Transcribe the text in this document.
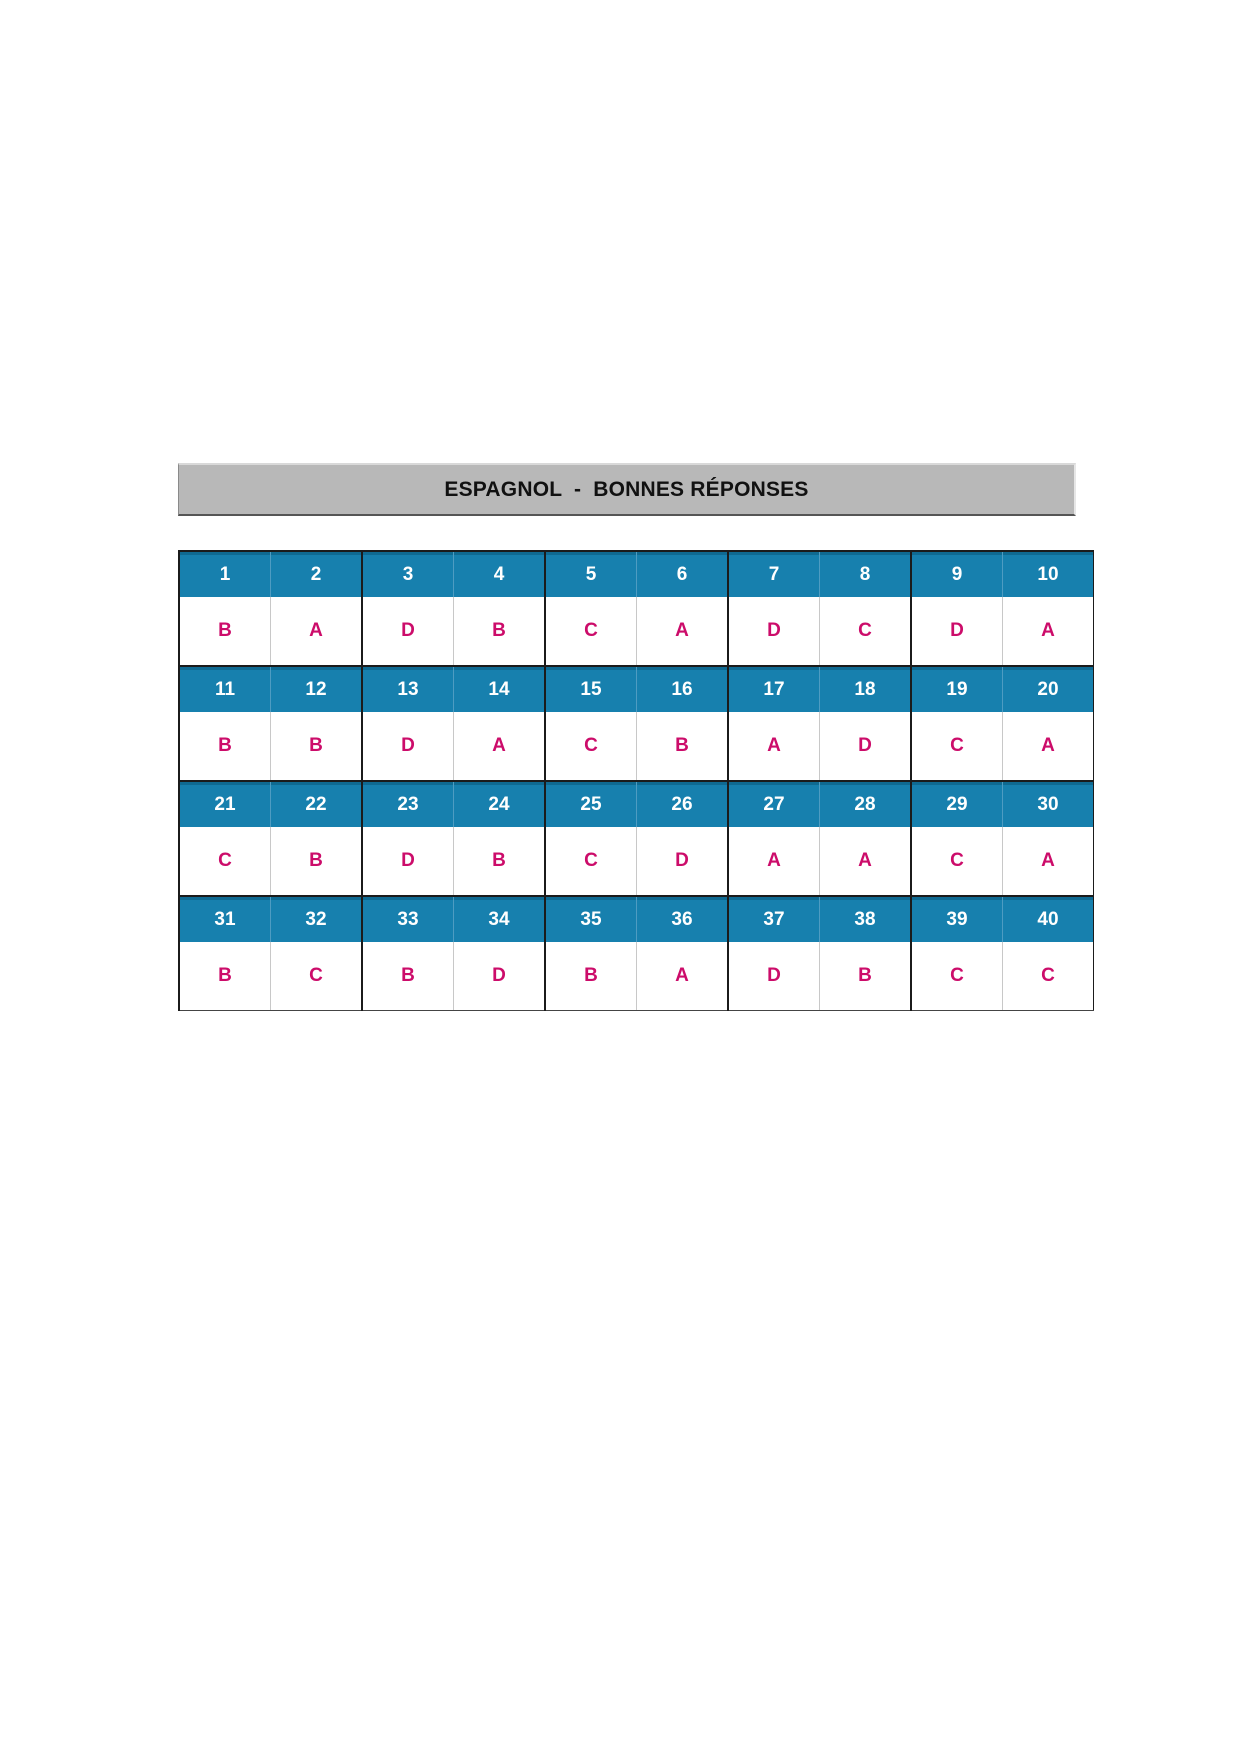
ESPAGNOL  -  BONNES RÉPONSES
1	2	3	4	5	6	7	8	9	10
B	A	D	B	C	A	D	C	D	A
11	12	13	14	15	16	17	18	19	20
B	B	D	A	C	B	A	D	C	A
21	22	23	24	25	26	27	28	29	30
C	B	D	B	C	D	A	A	C	A
31	32	33	34	35	36	37	38	39	40
B	C	B	D	B	A	D	B	C	C
